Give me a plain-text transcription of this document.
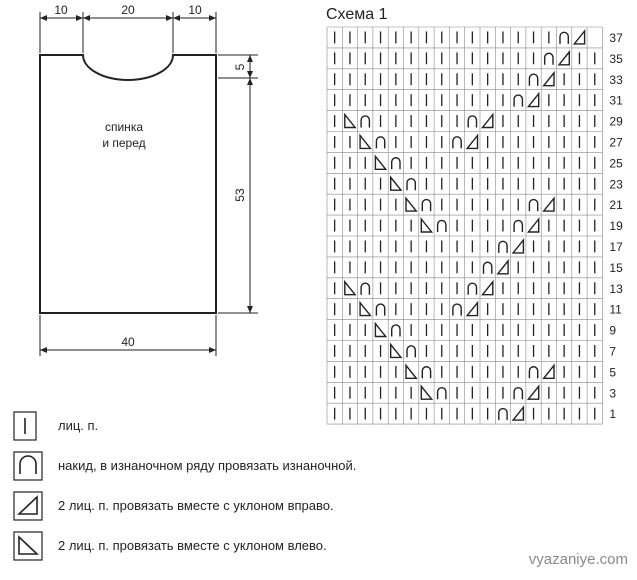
10	20	10
5
53
40
спинка
и перед
Схема 1
37
35
33
31
29
27
25
23
21
19
17
15
13
11
9
7
5
3
1
лиц. п.
накид, в изнаночном ряду провязать изнаночной.
2 лиц. п. провязать вместе с уклоном вправо.
2 лиц. п. провязать вместе с уклоном влево.
vyazaniye.com
